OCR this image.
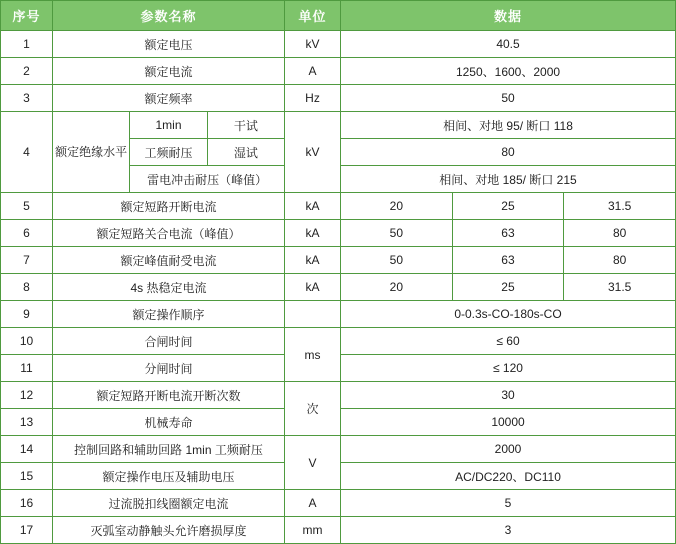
序号	参数名称			单位	数据		
1	额定电压			kV	40.5		
2	额定电流			A	1250、1600、2000		
3	额定频率			Hz	50		
4	额定绝缘水平	1min	干试	kV	相间、对地 95/ 断口 118		
		工频耐压	湿试		80		
		雷电冲击耐压（峰值）			相间、对地 185/ 断口 215		
5	额定短路开断电流			kA	20	25	31.5
6	额定短路关合电流（峰值）			kA	50	63	80
7	额定峰值耐受电流			kA	50	63	80
8	4s 热稳定电流			kA	20	25	31.5
9	额定操作顺序				0-0.3s-CO-180s-CO		
10	合闸时间			ms	≤ 60		
11	分闸时间				≤ 120		
12	额定短路开断电流开断次数			次	30		
13	机械寿命				10000		
14	控制回路和辅助回路 1min 工频耐压			V	2000		
15	额定操作电压及辅助电压				AC/DC220、DC110		
16	过流脱扣线圈额定电流			A	5		
17	灭弧室动静触头允许磨损厚度			mm	3		
